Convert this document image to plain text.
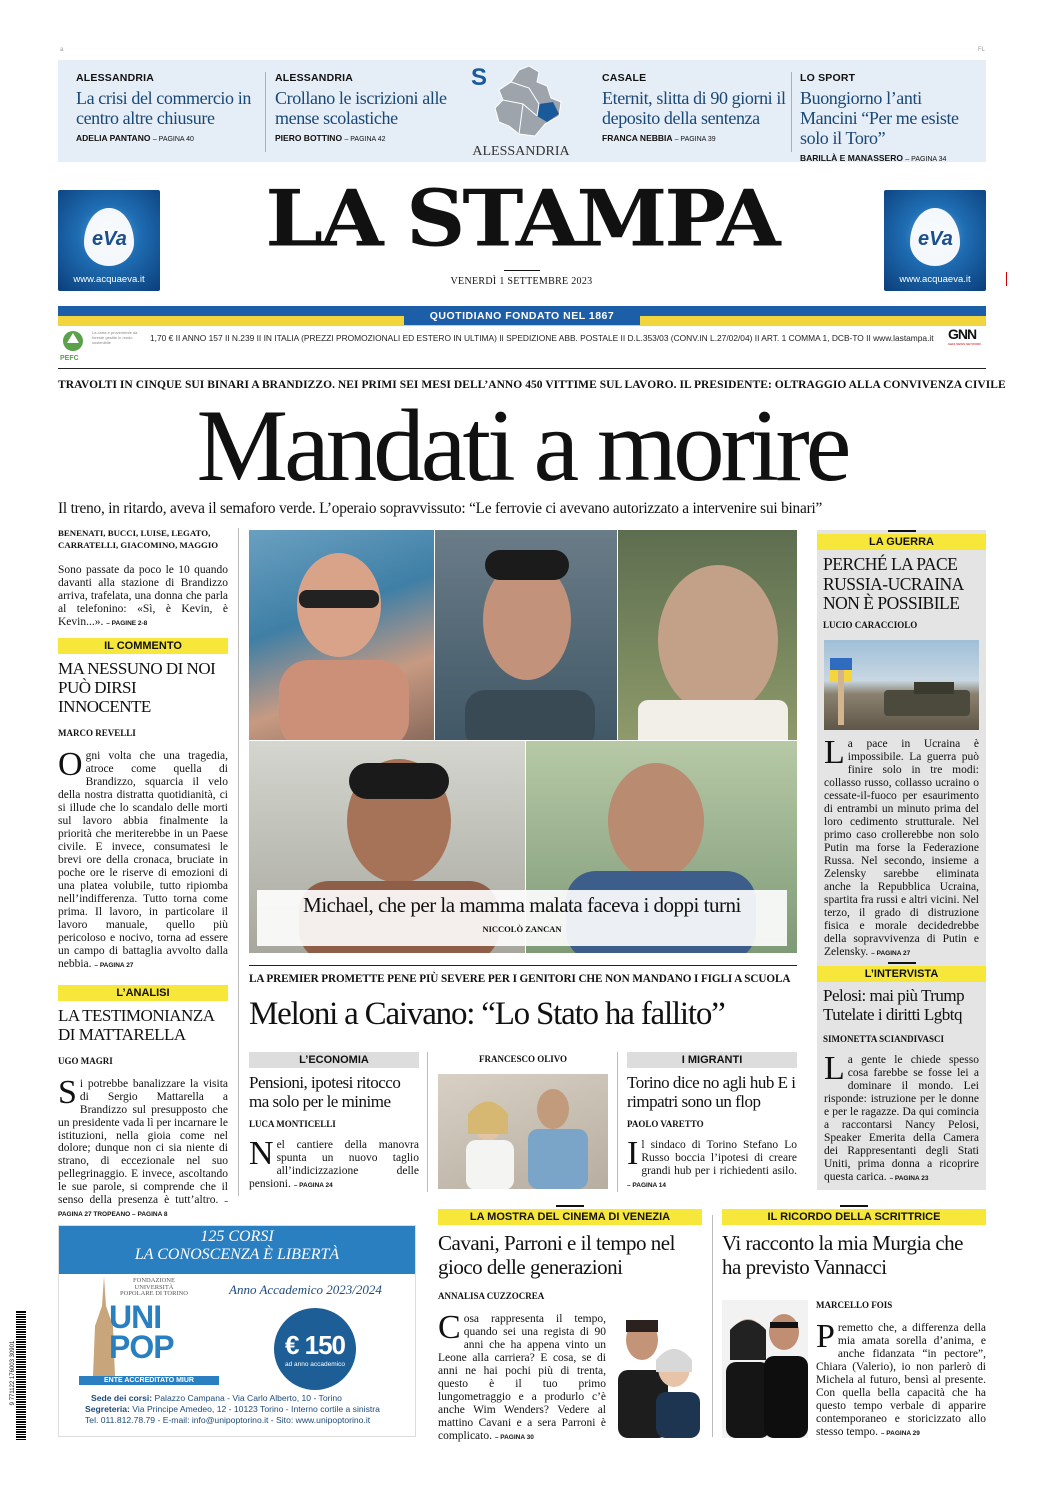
a	FL
ALESSANDRIA
La crisi del commercio in centro altre chiusure
ADELIA PANTANO – PAGINA 40
ALESSANDRIA
Crollano le iscrizioni alle mense scolastiche
PIERO BOTTINO – PAGINA 42
S
ALESSANDRIA
CASALE
Eternit, slitta di 90 giorni il deposito della sentenza
FRANCA NEBBIA – PAGINA 39
LO SPORT
Buongiorno l’anti Mancini “Per me esiste solo il Toro”
BARILLÀ E MANASSERO – PAGINA 34
eVa
www.acquaeva.it
eVa
www.acquaeva.it
LA STAMPA
VENERDÌ 1 SETTEMBRE 2023
QUOTIDIANO FONDATO NEL 1867
PEFC
La carta è proveniente da foreste gestite in modo sostenibile	1,70 € II ANNO 157 II N.239 II IN ITALIA (PREZZI PROMOZIONALI ED ESTERO IN ULTIMA) II SPEDIZIONE ABB. POSTALE II D.L.353/03 (CONV.IN L.27/02/04) II ART. 1 COMMA 1, DCB-TO II www.lastampa.it GNN
GEDI NEWS NETWORK
TRAVOLTI IN CINQUE SUI BINARI A BRANDIZZO. NEI PRIMI SEI MESI DELL’ANNO 450 VITTIME SUL LAVORO. IL PRESIDENTE: OLTRAGGIO ALLA CONVIVENZA CIVILE
Mandati a morire
Il treno, in ritardo, aveva il semaforo verde. L’operaio sopravvissuto: “Le ferrovie ci avevano autorizzato a intervenire sui binari”
BENENATI, BUCCI, LUISE, LEGATO, CARRATELLI, GIACOMINO, MAGGIO
Sono passate da poco le 10 quando davanti alla stazione di Brandizzo arriva, trafelata, una donna che parla al telefonino: «Sì, è Kevin, è Kevin...». – PAGINE 2-8
IL COMMENTO
MA NESSUNO DI NOI PUÒ DIRSI INNOCENTE
MARCO REVELLI
Ogni volta che una tragedia, atroce come quella di Brandizzo, squarcia il velo della nostra distratta quotidianità, ci si illude che lo scandalo delle morti sul lavoro abbia finalmente la priorità che meriterebbe in un Paese civile. E invece, consumatesi le brevi ore della cronaca, bruciate in poche ore le riserve di emozioni di una platea volubile, tutto ripiomba nell’indifferenza. Tutto torna come prima. Il lavoro, in particolare il lavoro manuale, quello più pericoloso e nocivo, torna ad essere un campo di battaglia avvolto dalla nebbia. – PAGINA 27
L’ANALISI
LA TESTIMONIANZA DI MATTARELLA
UGO MAGRI
Si potrebbe banalizzare la visita di Sergio Mattarella a Brandizzo sul presupposto che un presidente vada lì per incarnare le istituzioni, nella gioia come nel dolore; dunque non ci sia niente di strano, di eccezionale nel suo pellegrinaggio. E invece, ascoltando le sue parole, si comprende che il senso della presenza è tutt’altro. – PAGINA 27 TROPEANO – PAGINA 8
Michael, che per la mamma malata faceva i doppi turni
NICCOLÒ ZANCAN
LA GUERRA
PERCHÉ LA PACE RUSSIA-UCRAINA NON È POSSIBILE
LUCIO CARACCIOLO
La pace in Ucraina è impossibile. La guerra può finire solo in tre modi: collasso russo, collasso ucraino o cessate-il-fuoco per esaurimento di entrambi un minuto prima del loro cedimento strutturale. Nel primo caso crollerebbe non solo Putin ma forse la Federazione Russa. Nel secondo, insieme a Zelensky sarebbe eliminata anche la Repubblica Ucraina, spartita fra russi e altri vicini. Nel terzo, il grado di distruzione fisica e morale decidedrebbe della sopravvivenza di Putin e Zelensky. – PAGINA 27
L’INTERVISTA
Pelosi: mai più Trump Tutelate i diritti Lgbtq
SIMONETTA SCIANDIVASCI
La gente le chiede spesso cosa farebbe se fosse lei a dominare il mondo. Lei risponde: istruzione per le donne e per le ragazze. Da qui comincia a raccontarsi Nancy Pelosi, Speaker Emerita della Camera dei Rappresentanti degli Stati Uniti, prima donna a ricoprire questa carica. – PAGINA 23
LA PREMIER PROMETTE PENE PIÙ SEVERE PER I GENITORI CHE NON MANDANO I FIGLI A SCUOLA
Meloni a Caivano: “Lo Stato ha fallito”
L’ECONOMIA
Pensioni, ipotesi ritocco ma solo per le minime
LUCA MONTICELLI
Nel cantiere della manovra spunta un nuovo taglio all’indicizzazione delle pensioni. – PAGINA 24
FRANCESCO OLIVO	I MIGRANTI
Torino dice no agli hub E i rimpatri sono un flop
PAOLO VARETTO
Il sindaco di Torino Stefano Lo Russo boccia l’ipotesi di creare grandi hub per i richiedenti asilo. – PAGINA 14
125 CORSI
LA CONOSCENZA È LIBERTÀ
Anno Accademico 2023/2024
FONDAZIONE UNIVERSITÀ POPOLARE DI TORINO
UNI POP
ENTE ACCREDITATO MIUR
€ 150
ad anno accademico
Sede dei corsi: Palazzo Campana - Via Carlo Alberto, 10 - Torino
Segreteria: Via Principe Amedeo, 12 - 10123 Torino - Interno cortile a sinistra
Tel. 011.812.78.79 - E-mail: info@unipoptorino.it - Sito: www.unipoptorino.it
9 771122 176003 30901
LA MOSTRA DEL CINEMA DI VENEZIA
Cavani, Parroni e il tempo nel gioco delle generazioni
ANNALISA CUZZOCREA
Cosa rappresenta il tempo, quando sei una regista di 90 anni che ha appena vinto un Leone alla carriera? E cosa, se di anni ne hai pochi più di trenta, questo è il tuo primo lungometraggio e a produrlo c’è anche Wim Wenders? Vedere al mattino Cavani e a sera Parroni è complicato. – PAGINA 30
IL RICORDO DELLA SCRITTRICE
Vi racconto la mia Murgia che ha previsto Vannacci
MARCELLO FOIS
Premetto che, a differenza della mia amata sorella d’anima, e anche fidanzata “in pectore”, Chiara (Valerio), io non parlerò di Michela al futuro, bensì al presente. Con quella bella capacità che ha questo tempo verbale di apparire contemporaneo e storicizzato allo stesso tempo. – PAGINA 29
